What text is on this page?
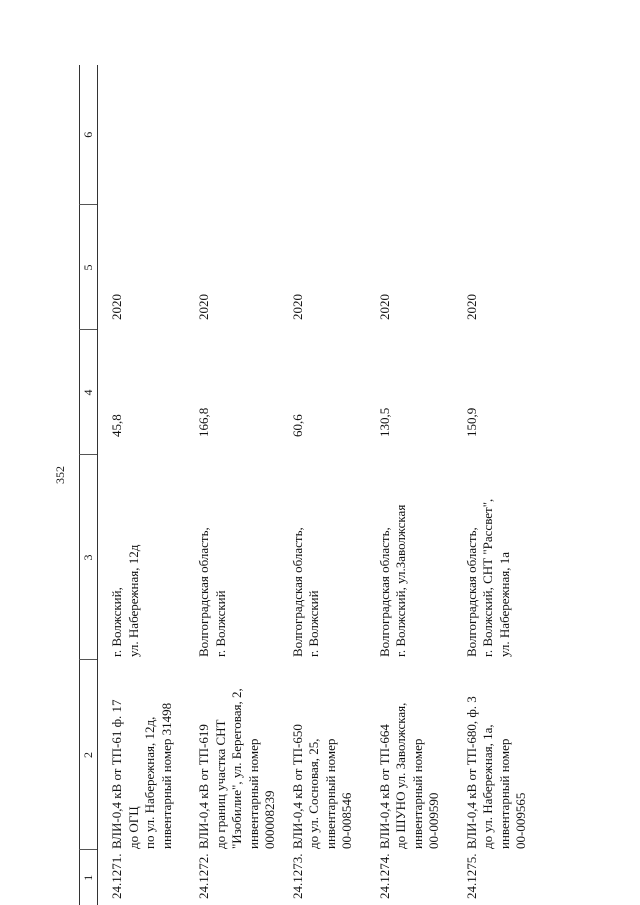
352
1	2	3	4	5	6
24.1271.	ВЛИ-0,4 кВ от ТП-61 ф. 17 до ОГЦ по ул. Набережная, 12д, инвентарный номер 31498	г. Волжский, ул. Набережная, 12д	45,8	2020	
24.1272.	ВЛИ-0,4 кВ от ТП-619 до границ участка СНТ "Изобилие", ул. Береговая, 2, инвентарный номер 000008239	Волгоградская область, г. Волжский	166,8	2020	
24.1273.	ВЛИ-0,4 кВ от ТП-650 до ул. Сосновая, 25, инвентарный номер 00-008546	Волгоградская область, г. Волжский	60,6	2020	
24.1274.	ВЛИ-0,4 кВ от ТП-664 до ШУНО ул. Заволжская, инвентарный номер 00-009590	Волгоградская область, г. Волжский, ул.Заволжская	130,5	2020	
24.1275.	ВЛИ-0,4 кВ от ТП-680, ф. 3 до ул. Набережная, 1а, инвентарный номер 00-009565	Волгоградская область, г. Волжский, СНТ "Рассвет", ул. Набережная, 1а	150,9	2020	
